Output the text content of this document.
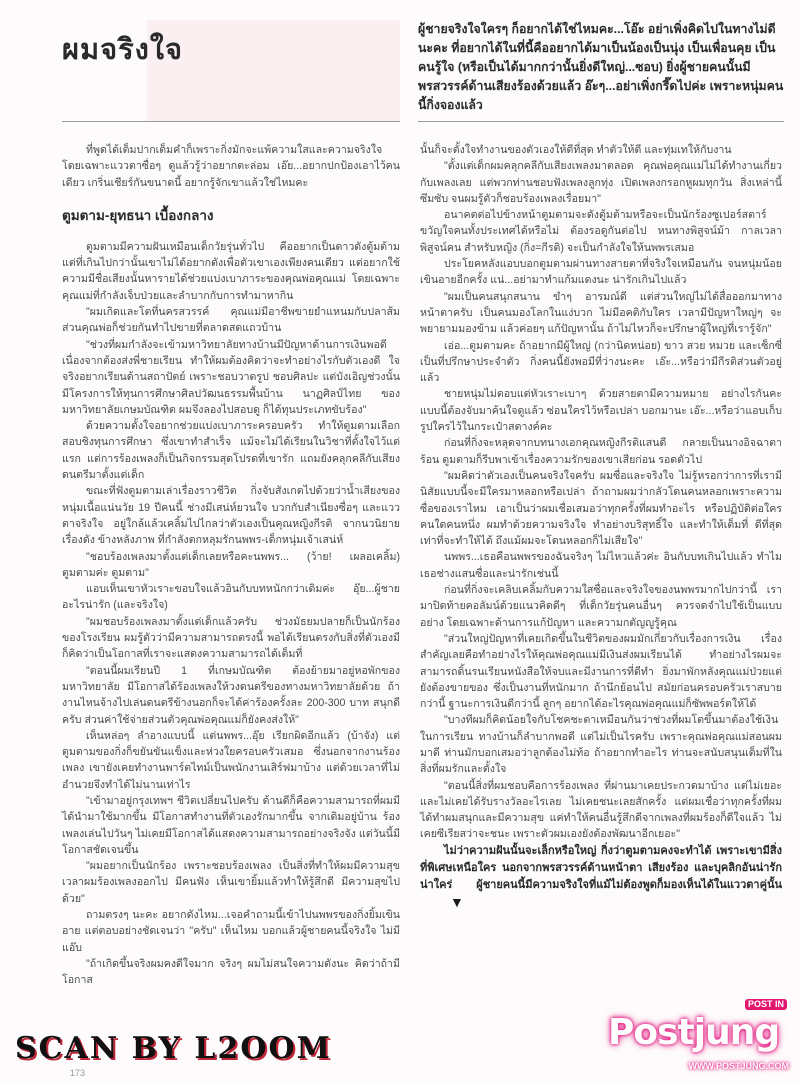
ผมจริงใจ
ผู้ชายจริงใจใครๆ ก็อยากได้ใช่ไหมคะ...โอ๊ะ อย่าเพิ่งคิดไปในทางไม่ดีนะคะ ที่อยากได้ในที่นี้คืออยากได้มาเป็นน้องเป็นนุ่ง เป็นเพื่อนคุย เป็นคนรู้ใจ (หรือเป็นได้มากกว่านั้นยิ่งดีใหญ่...ซอบ) ยิ่งผู้ชายคนนั้นมีพรสวรรค์ด้านเสียงร้องด้วยแล้ว อ๊ะๆ...อย่าเพิ่งกรี๊ดไปค่ะ เพราะหนุ่มคนนี้กิ่งจองแล้ว

ที่พูดได้เต็มปากเต็มคำก็เพราะกิ่งมักจะแพ้ความใสและความจริงใจ โดยเฉพาะแววตาซื่อๆ ดูแล้วรู้ว่าอยากตะล่อม เอ๊ย...อยากปกป้องเอาไว้คนเดียว เกริ่นเชียร์กันขนาดนี้ อยากรู้จักเขาแล้วใช่ไหมคะ

ตูมตาม-ยุทธนา เบื้องกลาง

ตูมตามมีความฝันเหมือนเด็กวัยรุ่นทั่วไป คืออยากเป็นดาวดังตู้มต้าม แต่ที่เกินไปกว่านั้นเขาไม่ได้อยากดังเพื่อตัวเขาเองเพียงคนเดียว แต่อยากใช้ความมีชื่อเสียงนั้นหารายได้ช่วยแบ่งเบาภาระของคุณพ่อคุณแม่ โดยเฉพาะคุณแม่ที่กำลังเจ็บป่วยและลำบากกับการทำมาหากิน

"ผมเกิดและโตที่นครสวรรค์ คุณแม่มีอาชีพขายยำแหนมกับปลาส้ม ส่วนคุณพ่อก็ช่วยกันทำไปขายที่ตลาดสดแถวบ้าน

"ช่วงที่ผมกำลังจะเข้ามหาวิทยาลัยทางบ้านมีปัญหาด้านการเงินพอดี เนื่องจากต้องส่งพี่ชายเรียน ทำให้ผมต้องคิดว่าจะทำอย่างไรกับตัวเองดี ใจจริงอยากเรียนด้านสถาปัตย์ เพราะชอบวาดรูป ชอบศิลปะ แต่บังเอิญช่วงนั้นมีโครงการให้ทุนการศึกษาศิลปวัฒนธรรมพื้นบ้าน นาฏศิลป์ไทย ของมหาวิทยาลัยเกษมบัณฑิต ผมจึงลองไปสอบดู ก็ได้ทุนประเภทขับร้อง"

ด้วยความตั้งใจอยากช่วยแบ่งเบาภาระครอบครัว ทำให้ตูมตามเลือกสอบชิงทุนการศึกษา ซึ่งเขาทำสำเร็จ แม้จะไม่ได้เรียนในวิชาที่ตั้งใจไว้แต่แรก แต่การร้องเพลงก็เป็นกิจกรรมสุดโปรดที่เขารัก แถมยังคลุกคลีกับเสียงดนตรีมาตั้งแต่เด็ก

ขณะที่ฟังตูมตามเล่าเรื่องราวชีวิต กิ่งจับสังเกตไปด้วยว่าน้ำเสียงของหนุ่มเนื้อแน่นวัย 19 ปีคนนี้ ช่างมีเสน่ห์ยวนใจ บวกกับสำเนียงซื่อๆ และแววตาจริงใจ อยู่ใกล้แล้วเคลิ้มไปไกลว่าตัวเองเป็นคุณหญิงกีรติ จากนวนิยายเรื่องดัง ข้างหลังภาพ ที่กำลังตกหลุมรักนพพร-เด็กหนุ่มเจ้าเสน่ห์

"ชอบร้องเพลงมาตั้งแต่เด็กเลยหรือคะนพพร... (ว้าย! เผลอเคลิ้ม) ตูมตามค่ะ ตูมตาม"

แอบเห็นเขาหัวเราะขอบใจแล้วอินกับบทหนักกว่าเดิมค่ะ อุ๊ย...ผู้ชายอะไรน่ารัก (และจริงใจ)

"ผมชอบร้องเพลงมาตั้งแต่เด็กแล้วครับ ช่วงมัธยมปลายก็เป็นนักร้องของโรงเรียน ผมรู้ตัวว่ามีความสามารถตรงนี้ พอได้เรียนตรงกับสิ่งที่ตัวเองมีก็คิดว่าเป็นโอกาสที่เราจะแสดงความสามารถได้เต็มที่

"ตอนนี้ผมเรียนปี 1 ที่เกษมบัณฑิต ต้องย้ายมาอยู่หอพักของมหาวิทยาลัย มีโอกาสได้ร้องเพลงให้วงดนตรีของทางมหาวิทยาลัยด้วย ถ้างานไหนจ้างไปเล่นดนตรีข้างนอกก็จะได้ค่าร้องครั้งละ 200-300 บาท สนุกดีครับ ส่วนค่าใช้จ่ายส่วนตัวคุณพ่อคุณแม่ก็ยังคงส่งให้"

เห็นหล่อๆ ลำอางแบบนี้ แต่นพพร...อุ๊ย เรียกผิดอีกแล้ว (บ้าจัง) แต่ตูมตามของกิ่งก็ขยันขันแข็งและห่วงใยครอบครัวเสมอ ซึ่งนอกจากงานร้องเพลง เขายังเคยทำงานพาร์ตไทม์เป็นพนักงานเสิร์ฟมาบ้าง แต่ด้วยเวลาที่ไม่อำนวยจึงทำได้ไม่นานเท่าไร

"เข้ามาอยู่กรุงเทพฯ ชีวิตเปลี่ยนไปครับ ด้านดีก็คือความสามารถที่ผมมีได้นำมาใช้มากขึ้น มีโอกาสทำงานที่ตัวเองรักมากขึ้น จากเดิมอยู่บ้าน ร้องเพลงเล่นไปวันๆ ไม่เคยมีโอกาสได้แสดงความสามารถอย่างจริงจัง แต่วันนี้มีโอกาสชัดเจนขึ้น

"ผมอยากเป็นนักร้อง เพราะชอบร้องเพลง เป็นสิ่งที่ทำให้ผมมีความสุข เวลาผมร้องเพลงออกไป มีคนฟัง เห็นเขายิ้มแล้วทำให้รู้สึกดี มีความสุขไปด้วย"

ถามตรงๆ นะคะ อยากดังไหม...เจอคำถามนี้เข้าไปนพพรของกิ่งยิ้มเขินอาย แต่ตอบอย่างชัดเจนว่า "ครับ" เห็นไหม บอกแล้วผู้ชายคนนี้จริงใจ ไม่มีแอ๊บ

"ถ้าเกิดขึ้นจริงผมคงดีใจมาก จริงๆ ผมไม่สนใจความดังนะ คิดว่าถ้ามีโอกาส

นั้นก็จะตั้งใจทำงานของตัวเองให้ดีที่สุด ทำตัวให้ดี และทุ่มเทให้กับงาน

"ตั้งแต่เด็กผมคลุกคลีกับเสียงเพลงมาตลอด คุณพ่อคุณแม่ไม่ได้ทำงานเกี่ยวกับเพลงเลย แต่พวกท่านชอบฟังเพลงลูกทุ่ง เปิดเพลงกรอกหูผมทุกวัน สิ่งเหล่านี้ซึมซับ จนผมรู้ตัวก็ชอบร้องเพลงเรื่อยมา"

อนาคตต่อไปข้างหน้าตูมตามจะดังตู้มต้ามหรือจะเป็นนักร้องซูเปอร์สตาร์ขวัญใจคนทั้งประเทศได้หรือไม่ ต้องรอดูกันต่อไป หนทางพิสูจน์ม้า กาลเวลาพิสูจน์คน สำหรับหญิง (กิ่ง=กีรติ) จะเป็นกำลังใจให้นพพรเสมอ

ประโยคหลังแอบบอกตูมตามผ่านทางสายตาที่จริงใจเหมือนกัน จนหนุ่มน้อยเขินอายอีกครั้ง แน่...อย่ามาทำแก้มแดงนะ น่ารักเกินไปแล้ว

"ผมเป็นคนสนุกสนาน ขำๆ อารมณ์ดี แต่ส่วนใหญ่ไม่ได้สื่อออกมาทางหน้าตาครับ เป็นคนมองโลกในแง่บวก ไม่มีอคติกับใคร เวลามีปัญหาใหญ่ๆ จะพยายามมองข้าม แล้วค่อยๆ แก้ปัญหานั้น ถ้าไม่ไหวก็จะปรึกษาผู้ใหญ่ที่เรารู้จัก"

เอ่อ...ตูมตามคะ ถ้าอยากมีผู้ใหญ่ (กว่านิดหน่อย) ขาว สวย หมวย และเซ็กซี่ เป็นที่ปรึกษาประจำตัว กิ่งคนนี้ยังพอมีที่ว่างนะคะ เอ๊ะ...หรือว่ามีกีรติส่วนตัวอยู่แล้ว

ชายหนุ่มไม่ตอบแต่หัวเราะเบาๆ ด้วยสายตามีความหมาย อย่างไรกันคะ แบบนี้ต้องจับมาค้นใจดูแล้ว ซ่อนใครไว้หรือเปล่า บอกมานะ เอ๊ะ...หรือว่าแอบเก็บรูปใครไว้ในกระเป๋าสตางค์คะ

ก่อนที่กิ่งจะหลุดจากบทนางเอกคุณหญิงกีรติแสนดี กลายเป็นนางอิจฉาตาร้อน ตูมตามก็รีบพาเข้าเรื่องความรักของเขาเสียก่อน รอดตัวไป

"ผมคิดว่าตัวเองเป็นคนจริงใจครับ ผมซื่อและจริงใจ ไม่รู้หรอกว่าการที่เรามีนิสัยแบบนี้จะมีใครมาหลอกหรือเปล่า ถ้าถามผมว่ากลัวโดนคนหลอกเพราะความซื่อของเราไหม เอาเป็นว่าผมเชื่อเสมอว่าทุกครั้งที่ผมทำอะไร หรือปฏิบัติต่อใครคนใดคนหนึ่ง ผมทำด้วยความจริงใจ ทำอย่างบริสุทธิ์ใจ และทำให้เต็มที่ ดีที่สุดเท่าที่จะทำให้ได้ ถึงแม้ผมจะโดนหลอกก็ไม่เสียใจ"

นพพร...เธอคือนพพรของฉันจริงๆ ไม่ไหวแล้วค่ะ อินกับบทเกินไปแล้ว ทำไมเธอช่างแสนซื่อและน่ารักเช่นนี้

ก่อนที่กิ่งจะเคลิบเคลิ้มกับความใสซื่อและจริงใจของนพพรมากไปกว่านี้ เรามาปิดท้ายคอลัมน์ด้วยแนวคิดดีๆ ที่เด็กวัยรุ่นคนอื่นๆ ควรจดจำไปใช้เป็นแบบอย่าง โดยเฉพาะด้านการแก้ปัญหา และความกตัญญูรู้คุณ

"ส่วนใหญ่ปัญหาที่เคยเกิดขึ้นในชีวิตของผมมักเกี่ยวกับเรื่องการเงิน เรื่องสำคัญเลยคือทำอย่างไรให้คุณพ่อคุณแม่มีเงินส่งผมเรียนได้ ทำอย่างไรผมจะสามารถดิ้นรนเรียนหนังสือให้จบและมีงานการที่ดีทำ ยิ่งมาพักหลังคุณแม่ป่วยแต่ยังต้องขายของ ซึ่งเป็นงานที่หนักมาก ถ้านึกย้อนไป สมัยก่อนครอบครัวเราสบายกว่านี้ ฐานะการเงินดีกว่านี้ ลูกๆ อยากได้อะไรคุณพ่อคุณแม่ก็ซัพพอร์ตให้ได้

"บางทีผมก็คิดน้อยใจกับโชคชะตาเหมือนกันว่าช่วงที่ผมโตขึ้นมาต้องใช้เงินในการเรียน ทางบ้านก็ลำบากพอดี แต่ไม่เป็นไรครับ เพราะคุณพ่อคุณแม่สอนผมมาดี ท่านมักบอกเสมอว่าลูกต้องไม่ท้อ ถ้าอยากทำอะไร ท่านจะสนับสนุนเต็มที่ในสิ่งที่ผมรักและตั้งใจ

"ตอนนี้สิ่งที่ผมชอบคือการร้องเพลง ที่ผ่านมาเคยประกวดมาบ้าง แต่ไม่เยอะ และไม่เคยได้รับรางวัลอะไรเลย ไม่เคยชนะเลยสักครั้ง แต่ผมเชื่อว่าทุกครั้งที่ผมได้ทำผมสนุกและมีความสุข แค่ทำให้คนอื่นรู้สึกดีจากเพลงที่ผมร้องก็ดีใจแล้ว ไม่เคยซีเรียสว่าจะชนะ เพราะตัวผมเองยังต้องพัฒนาอีกเยอะ"

ไม่ว่าความฝันนั้นจะเล็กหรือใหญ่ กิ่งว่าตูมตามคงจะทำได้ เพราะเขามีสิ่งที่พิเศษเหนือใคร นอกจากพรสวรรค์ด้านหน้าตา เสียงร้อง และบุคลิกอันน่ารักน่าใคร่ ผู้ชายคนนี้มีความจริงใจที่แม้ไม่ต้องพูดก็มองเห็นได้ในแววตาคู่นั้น▼

SCAN BY L2OOM
173
POST IN
Postjung
WWW.POSTJUNG.COM
